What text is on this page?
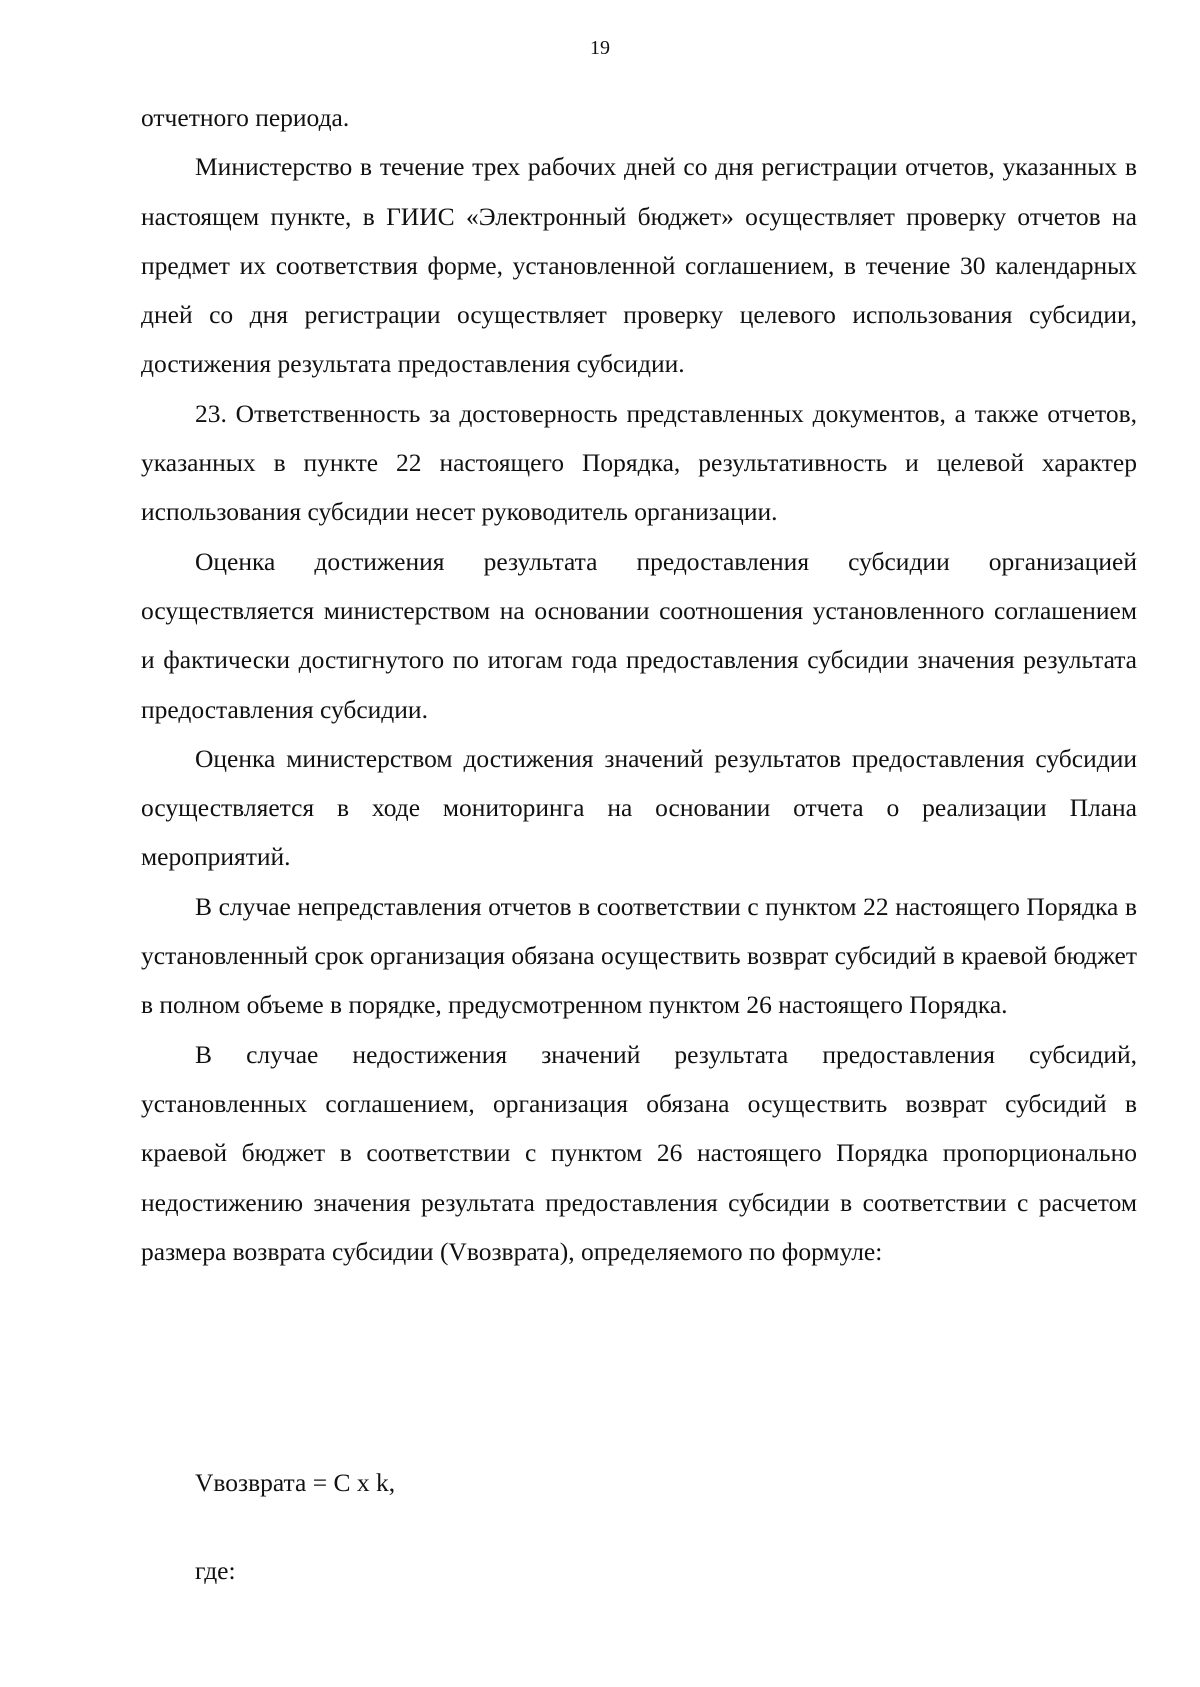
19

отчетного периода.

Министерство в течение трех рабочих дней со дня регистрации отчетов, указанных в настоящем пункте, в ГИИС «Электронный бюджет» осуществляет проверку отчетов на предмет их соответствия форме, установленной соглашением, в течение 30 календарных дней со дня регистрации осуществляет проверку целевого использования субсидии, достижения результата предоставления субсидии.

23. Ответственность за достоверность представленных документов, а также отчетов, указанных в пункте 22 настоящего Порядка, результативность и целевой характер использования субсидии несет руководитель организации.

Оценка достижения результата предоставления субсидии организацией осуществляется министерством на основании соотношения установленного соглашением и фактически достигнутого по итогам года предоставления субсидии значения результата предоставления субсидии.

Оценка министерством достижения значений результатов предоставления субсидии осуществляется в ходе мониторинга на основании отчета о реализации Плана мероприятий.

В случае непредставления отчетов в соответствии с пунктом 22 настоящего Порядка в установленный срок организация обязана осуществить возврат субсидий в краевой бюджет в полном объеме в порядке, предусмотренном пунктом 26 настоящего Порядка.

В случае недостижения значений результата предоставления субсидий, установленных соглашением, организация обязана осуществить возврат субсидий в краевой бюджет в соответствии с пунктом 26 настоящего Порядка пропорционально недостижению значения результата предоставления субсидии в соответствии с расчетом размера возврата субсидии (Vвозврата), определяемого по формуле:

Vвозврата = C x k,
где:
